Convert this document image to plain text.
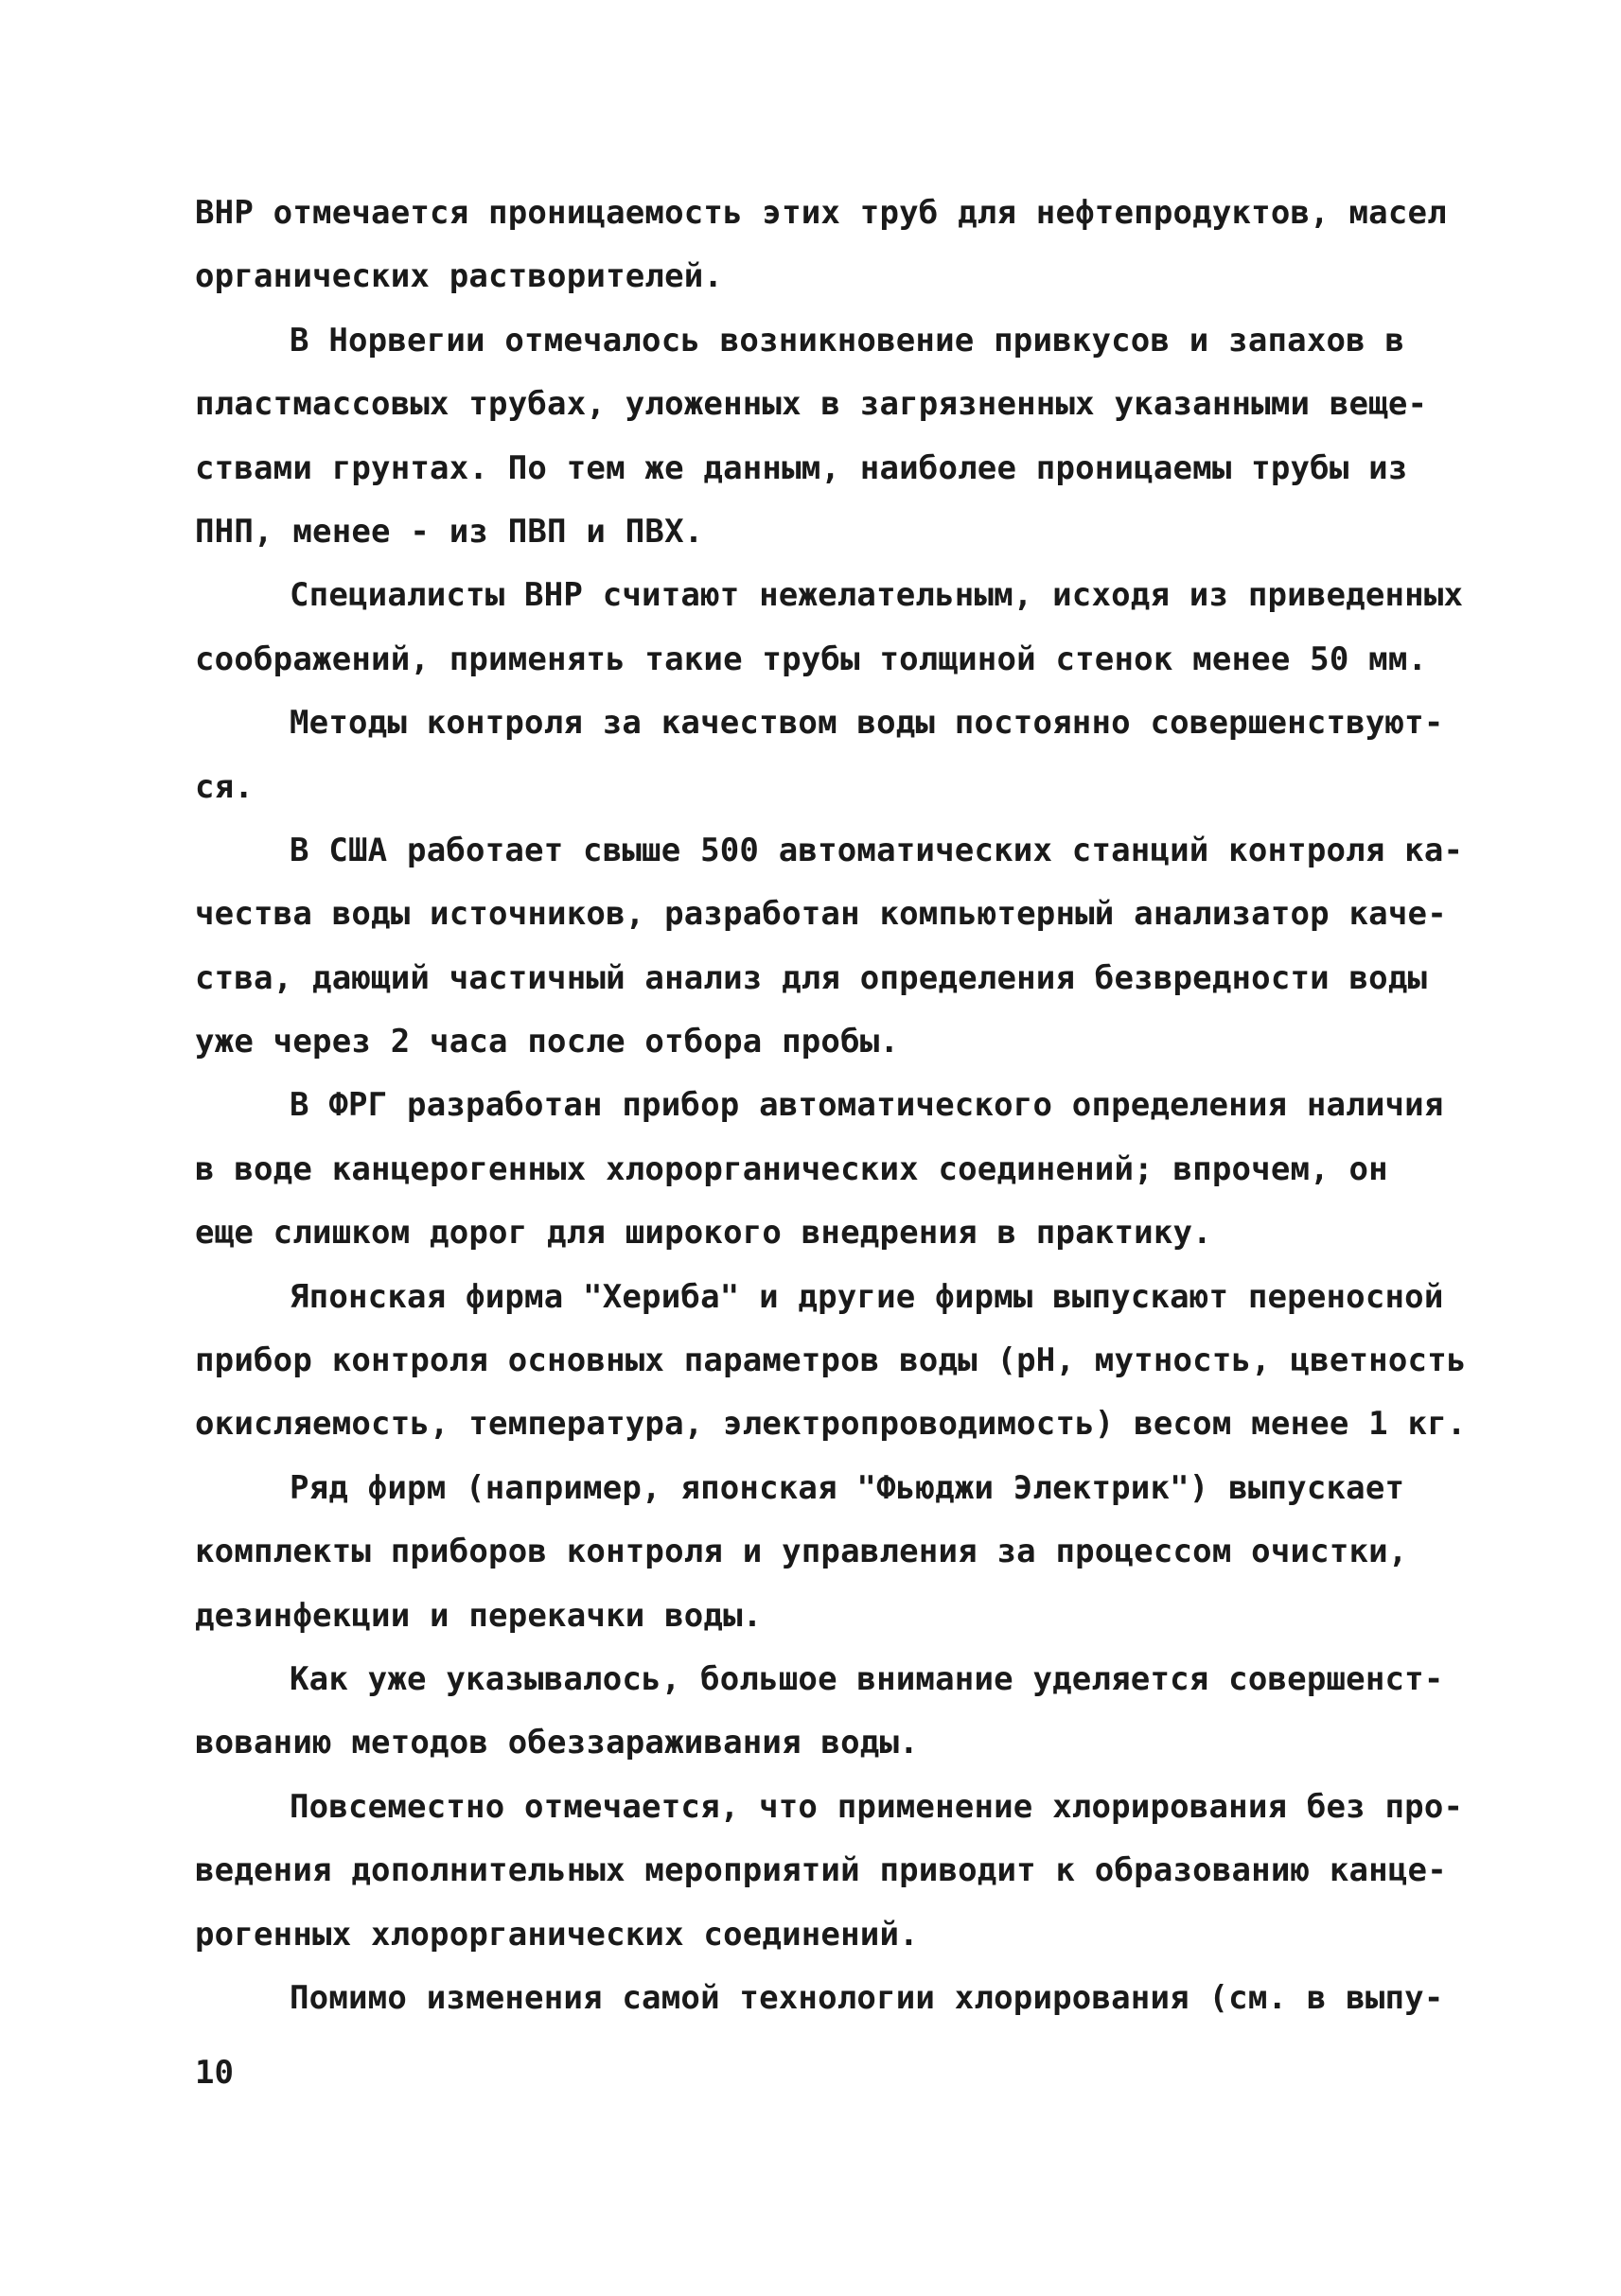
ВНР отмечается проницаемость этих труб для нефтепродуктов, масел
органических растворителей.
В Норвегии отмечалось возникновение привкусов и запахов в
пластмассовых трубах, уложенных в загрязненных указанными веще-
ствами грунтах. По тем же данным, наиболее проницаемы трубы из
ПНП, менее - из ПВП и ПВХ.
Специалисты ВНР считают нежелательным, исходя из приведенных
соображений, применять такие трубы толщиной стенок менее 50 мм.
Методы контроля за качеством воды постоянно совершенствуют-
ся.
В США работает свыше 500 автоматических станций контроля ка-
чества воды источников, разработан компьютерный анализатор каче-
ства, дающий частичный анализ для определения безвредности воды
уже через 2 часа после отбора пробы.
В ФРГ разработан прибор автоматического определения наличия
в воде канцерогенных хлорорганических соединений; впрочем, он
еще слишком дорог для широкого внедрения в практику.
Японская фирма "Хериба" и другие фирмы выпускают переносной
прибор контроля основных параметров воды (рН, мутность, цветность
окисляемость, температура, электропроводимость) весом менее 1 кг.
Ряд фирм (например, японская "Фьюджи Электрик") выпускает
комплекты приборов контроля и управления за процессом очистки,
дезинфекции и перекачки воды.
Как уже указывалось, большое внимание уделяется совершенст-
вованию методов обеззараживания воды.
Повсеместно отмечается, что применение хлорирования без про-
ведения дополнительных мероприятий приводит к образованию канце-
рогенных хлорорганических соединений.
Помимо изменения самой технологии хлорирования (см. в выпу-
10
